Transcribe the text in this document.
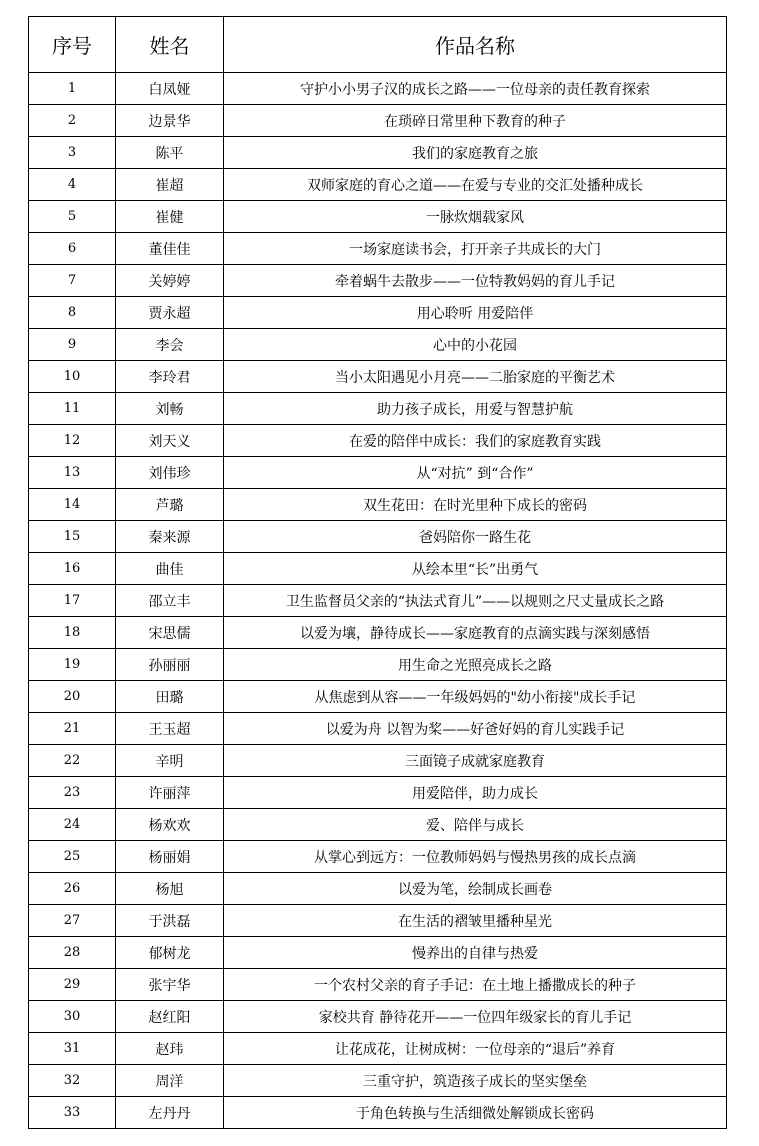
序号	姓名	作品名称
1	白凤娅	守护小小男子汉的成长之路——一位母亲的责任教育探索
2	边景华	在琐碎日常里种下教育的种子
3	陈平	我们的家庭教育之旅
4	崔超	双师家庭的育心之道——在爱与专业的交汇处播种成长
5	崔健	一脉炊烟载家风
6	董佳佳	一场家庭读书会，打开亲子共成长的大门
7	关婷婷	牵着蜗牛去散步——一位特教妈妈的育儿手记
8	贾永超	用心聆听 用爱陪伴
9	李会	心中的小花园
10	李玲君	当小太阳遇见小月亮——二胎家庭的平衡艺术
11	刘畅	助力孩子成长，用爱与智慧护航
12	刘天义	在爱的陪伴中成长：我们的家庭教育实践
13	刘伟珍	从“对抗” 到“合作”
14	芦璐	双生花田：在时光里种下成长的密码
15	秦来源	爸妈陪你一路生花
16	曲佳	从绘本里“长”出勇气
17	邵立丰	卫生监督员父亲的“执法式育儿”——以规则之尺丈量成长之路
18	宋思儒	以爱为壤，静待成长——家庭教育的点滴实践与深刻感悟
19	孙丽丽	用生命之光照亮成长之路
20	田璐	从焦虑到从容——一年级妈妈的"幼小衔接"成长手记
21	王玉超	以爱为舟 以智为桨——好爸好妈的育儿实践手记
22	辛明	三面镜子成就家庭教育
23	许丽萍	用爱陪伴，助力成长
24	杨欢欢	爱、陪伴与成长
25	杨丽娟	从掌心到远方：一位教师妈妈与慢热男孩的成长点滴
26	杨旭	以爱为笔，绘制成长画卷
27	于洪磊	在生活的褶皱里播种星光
28	郁树龙	慢养出的自律与热爱
29	张宇华	一个农村父亲的育子手记：在土地上播撒成长的种子
30	赵红阳	家校共育 静待花开——一位四年级家长的育儿手记
31	赵玮	让花成花，让树成树：一位母亲的“退后”养育
32	周洋	三重守护，筑造孩子成长的坚实堡垒
33	左丹丹	于角色转换与生活细微处解锁成长密码
